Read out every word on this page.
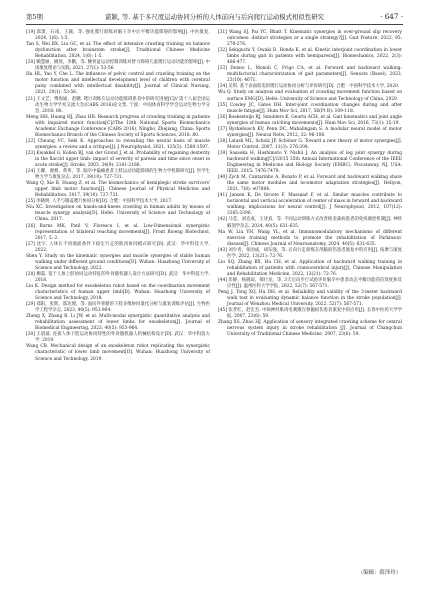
第5期	谌颖, 等. 基于多尺度运动协同分析的人体前向与后向爬行运动模式相似性研究	· 647 ·

[19] 邱萧，石南，王颖，等. 强化爬行训练对脑干卒中后平衡功能障碍的影响[J]. 中医康复, 2024, 1(6): 1-5.

Tan S, Wei BX, Liu GC, et al. The effect of intensive crawling training on balance dysfunction after brainstem stroke[J]. Traditional Chinese Medicine Rehabilitation, 2024, 1(6): 1-5.

[20] 赖慧丽，姚瑶，李鹏，等. 腰骨盆运动控制训练对智力障碍儿童爬行运动功能的影响[J]. 中国康复理论与实践, 2021, 27(1): 53-56.

Hu HL, Yao Y, Che L. The influence of pelvic control and crawling training on the motor function and intellectual development level of children with cerebral palsy combined with intellectual disability[J]. Journal of Clinical Nursing, 2021, 20(1): 53-56.

[21] 王文艺，傅海通，赵鹏. 爬行训练在运动功能障碍患者中的研究进展[C]// 第十八届全国运动生物力学学术交流大会(CABS 2016)论文集. 宁波：中国体育科学学会运动生物力学分会, 2016: 80.

Meng HH, Huang HJ, Zhao HB. Research progress of crawling training in patients with impaired motor function[C]//The 18th National Sports Biomechanics Academic Exchange Conference (CABS 2016). Ningbo, Zhejiang, China: Sports Biomechanics Branch of the Chinese Society of Sports Sciences, 2016: 80.

[22] Cheung VC, Seki K. Approaches to revealing the neural basis of muscle synergies: a review and a critique[J]. J Neurophysiol, 2021, 125(5): 1580-1597.

[23] Kwakkel G, Kollen BJ, van der Grond J, et al. Probability of regaining dexterity in the flaccid upper limb: impact of severity of paresis and time since onset in acute stroke[J]. Stroke, 2003, 34(9): 2181-2186.

[24] 王卿，谢燕，黄英，等. 脑卒中偏瘫患者上肢运动功能障碍的生物力学机制研究[J]. 医学生物力学与康复杂志, 2017, 39(10): 727-731.

Wang Q, Xie B, Huang Z, et al. The biomechanics of hemiplegic stroke survivors' upper limb motor function[J]. Chinese Journal of Physical Medicine and Rehabilitation, 2017, 39(10): 727-731.

[25] 李晓明. 人手与膝盖爬行协同分析[D]. 合肥：中国科学技术大学, 2017.

Niu XC. Investigation on hands-and-knees crawling in human adults by means of muscle synergy analysis[D]. Hefei: University of Science and Technology of China, 2017.

[26] Burns MK, Patil V, Florescu I, et al. Low-Dimensional synergistic representation of bilateral reaching movements[J]. Front Bioeng Biotechnol, 2017, 5: 2.

[27] 沈宇. 人体在不同地面条件下稳定行走的肌肉协同模式研究[D]. 武汉：华中科技大学, 2022.

Shen Y. Study on the kinematic synergies and muscle synergies of stable human walking under different ground conditions[D]. Wuhan: Huazhong University of Science and Technology, 2022.

[28] 柳磊. 基于人体上肢协同运动特征的外骨骼机器人设计方法研究[D]. 武汉：华中科技大学, 2018.

Liu K. Design method for exoskeleton robot based on the coordination movement characteristics of human upper limb[D]. Wuhan: Huazhong University of Science and Technology, 2018.

[29] 郑阳，张辉，邵达理，等. 面向外骨骼的下肢多维协同量化分析与康复训练评估[J]. 生物医学工程学杂志, 2023, 40(5): 953-964.

Zheng X, Zhang B, Li JW, et al. Multi-modal synergistic quantitative analysis and rehabilitation assessment of lower limbs for exoskeleton[J]. Journal of Biomedical Engineering, 2023, 40(5): 953-964.

[30] 王晨波. 连接人体下肢运动协同特性的外骨骼机器人机械结构设计[D]. 武汉：华中科技大学, 2019.

Wang CB. Mechanical design of an exoskeleton robot replicating the synergistic characteristic of lower limb movement[D]. Wuhan: Huazhong University of Science and Technology, 2019.

[31] Wang SJ, Pai YC, Bhatt T. Kinematic synergies in over-ground slip recovery outcomes: distinct strategies or a single strategy?[J]. Gait Posture, 2022, 95: 270-276.

[32] Sekiguchi Y, Owaki D, Honda K, et al. Kinetic interjoint coordination in lower limbs during gait in patients with hemiparesis[J]. Biomechanics, 2022, 2(3): 466-477.

[33] Donno L, Monoli C, Frigo CA, et al. Forward and backward walking: multifactorial characterization of gait parameters[J]. Sensors (Basel), 2023, 23(10): 4671.

[34] 吴琪. 基于表面肌电的爬行运动协同分析与评价研究[D]. 合肥：中国科学技术大学, 2020.

Wu Q. Study on analysis and evaluation of crawling movement function based on surface EMG[D]. Hefei: University of Science and Technology of China, 2020.

[35] Cowley JC, Gates DH. Inter-joint coordination changes during and after muscle fatigue[J]. Hum Mov Sci, 2017, 56(Pt B): 109-118.

[36] Boekesteijn RJ, Smulders K, Geurts ACH, et al. Gait kinematics and joint angle synergies of human catching movements[J]. Hum Mov Sci, 2016, 73(1): 15-19.

[37] Ryckebusch KV, Penn DC, Mahalingam S. A modular neural model of motor synergies[J]. Neural Netw, 2012, 32: 96-108.

[38] Latash ML, Scholz JP, Schöner G. Toward a new theory of motor synergies[J]. Motor Control, 2007, 11(3): 276-308.

[39] Sasaoka H, Hashimoto Y, Nishii J. An analysis of leg joint synergy during backward walking[C]//2015 35th Annual International Conference of the IEEE Engineering in Medicine and Biology Society (EMBC). Piscataway, NJ, USA: IEEE, 2015: 7476-7479.

[40] Zych M, Cantarinho A, Bonato P, et al. Forward and backward walking share the same motor modules and locomotor adaptation strategies[J]. Heliyon, 2021, 7(8): e07864.

[41] Jansen K, De Groote F, Massaad F, et al. Similar muscles contribute to horizontal and vertical acceleration of center of mass in forward and backward walking: implications for neural control[J]. J Neurophysiol, 2012, 107(12): 3385-3396.

[42] 马莹，刘克成，王述真，等. 不同运动训练方式改善帕金森病患者的免疫调控机制[J]. 神经解剖学杂志, 2024, 40(5): 631-635.

Ma W, Liu YH, Wang YL, et al. Immunomodulatory mechanisms of different exercise training methods to promote the rehabilitation of Parkinson' disease[J]. Chinese Journal of Neuroanatomy, 2024, 40(5): 631-635.

[43] 刘少青，张国成，胡东强，等. 后向行走训练在颅脑损伤患者康复中的应用[J]. 按摩与康复医学, 2022, 13(21): 72-76.

Liu SQ, Zhang BX, Hu CH, et al. Application of backward walking training in rehabilitation of patients with craniocerebral injury[J]. Chinese Manipulation and Rehabilitation Medicine, 2022, 13(21): 72-76.

[44] 彭静，杨晓琼，郝行龙，等. 3天后向步行试验评价脑卒中患者动态平衡功能的信效度和反应性[J]. 温州医科大学学报, 2022, 52(7): 567-571.

Peng J, Tong XQ, Hu DH, et al. Reliability and validity of the 3-meter backward walk test in evaluating dynamic balance function in the stroke population[J]. Journal of Wenzhou Medical University, 2022, 52(7): 567-571.

[45] 张孝红，赵宏杰. 中频神经肌肉电刺激在脊髓损伤患者康复中的应用[J]. 长春中医药大学学报, 2007, 23(6): 59.

Zhang XS, Zhao HJ. Application of sensory integrated crawling scheme for central nervous system injury in stroke rehabilitation [J]. Journal of Changchun University of Traditional Chinese Medicine, 2007, 23(6): 59.

（编辑：薛泽玲）
